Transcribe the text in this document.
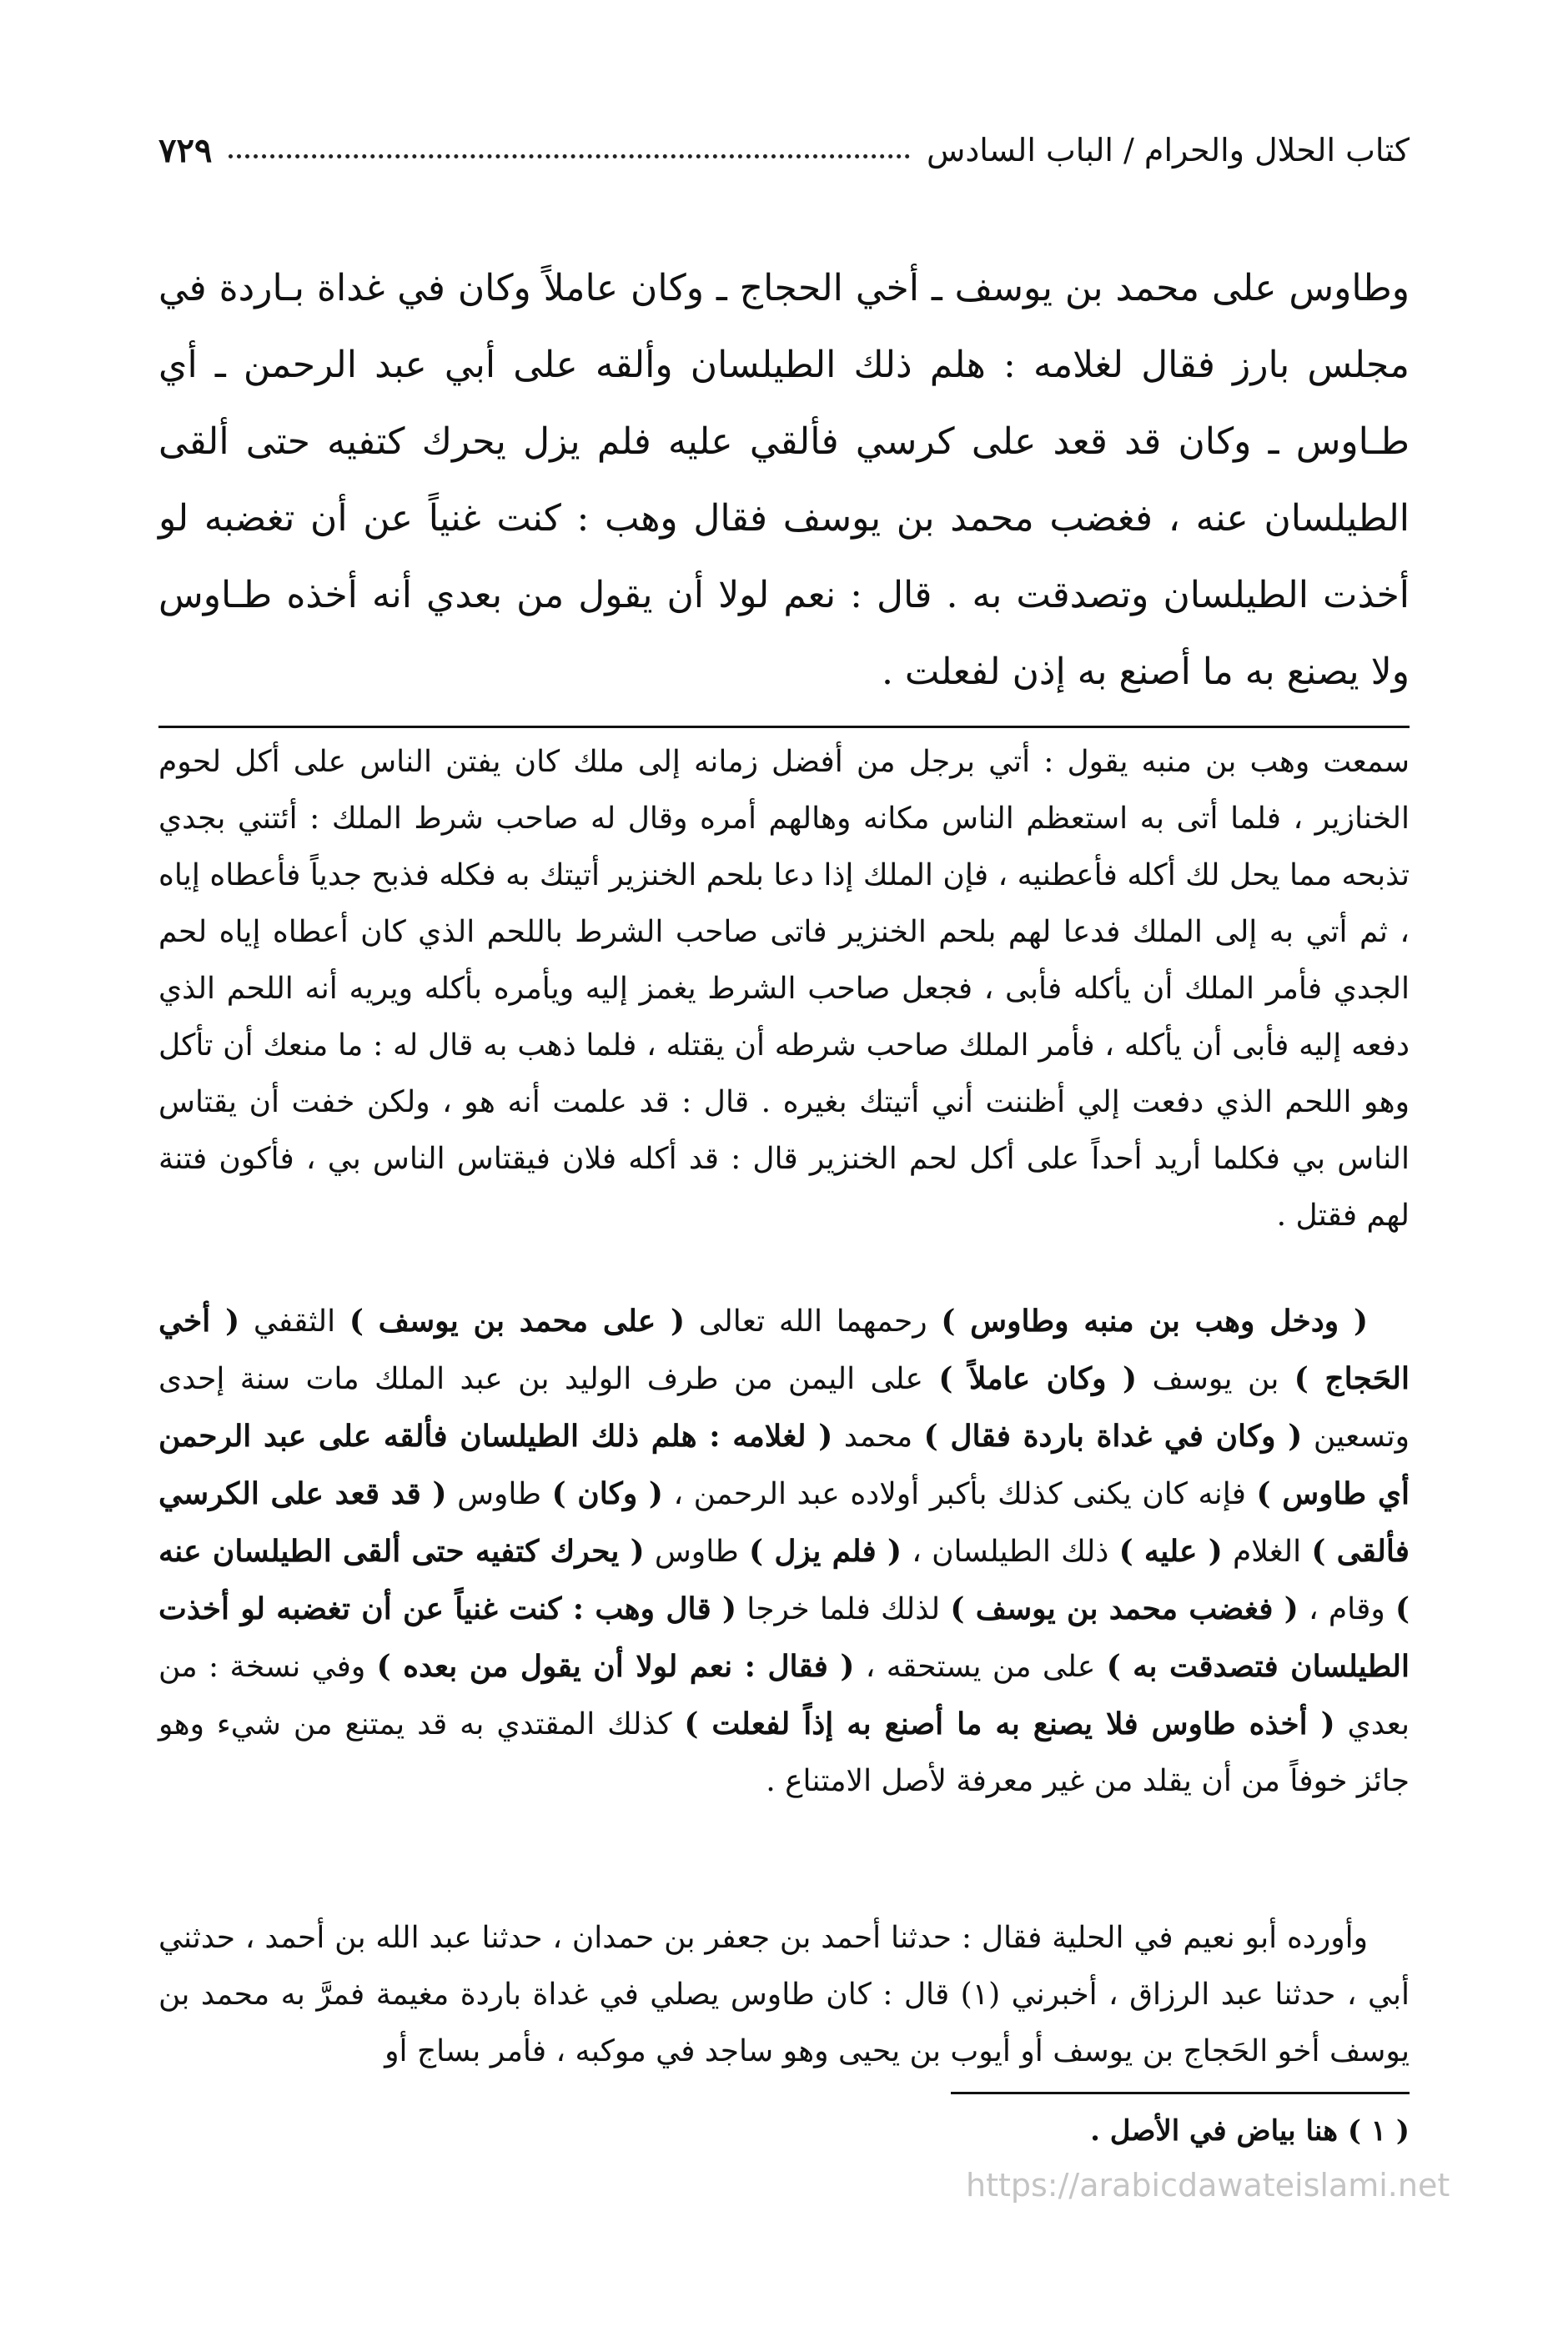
كتاب الحلال والحرام / الباب السادس
٧٢٩

وطاوس على محمد بن يوسف ـ أخي الحجاج ـ وكان عاملاً وكان في غداة بـاردة في مجلس بارز فقال لغلامه : هلم ذلك الطيلسان وألقه على أبي عبد الرحمن ـ أي طـاوس ـ وكان قد قعد على كرسي فألقي عليه فلم يزل يحرك كتفيه حتى ألقى الطيلسان عنه ، فغضب محمد بن يوسف فقال وهب : كنت غنياً عن أن تغضبه لو أخذت الطيلسان وتصدقت به . قال : نعم لولا أن يقول من بعدي أنه أخذه طـاوس ولا يصنع به ما أصنع به إذن لفعلت .

سمعت وهب بن منبه يقول : أتي برجل من أفضل زمانه إلى ملك كان يفتن الناس على أكل لحوم الخنازير ، فلما أتى به استعظم الناس مكانه وهالهم أمره وقال له صاحب شرط الملك : أئتني بجدي تذبحه مما يحل لك أكله فأعطنيه ، فإن الملك إذا دعا بلحم الخنزير أتيتك به فكله فذبح جدياً فأعطاه إياه ، ثم أتي به إلى الملك فدعا لهم بلحم الخنزير فاتى صاحب الشرط باللحم الذي كان أعطاه إياه لحم الجدي فأمر الملك أن يأكله فأبى ، فجعل صاحب الشرط يغمز إليه ويأمره بأكله ويريه أنه اللحم الذي دفعه إليه فأبى أن يأكله ، فأمر الملك صاحب شرطه أن يقتله ، فلما ذهب به قال له : ما منعك أن تأكل وهو اللحم الذي دفعت إلي أظننت أني أتيتك بغيره . قال : قد علمت أنه هو ، ولكن خفت أن يقتاس الناس بي فكلما أريد أحداً على أكل لحم الخنزير قال : قد أكله فلان فيقتاس الناس بي ، فأكون فتنة لهم فقتل .

( ودخل وهب بن منبه وطاوس ) رحمهما الله تعالى ( على محمد بن يوسف ) الثقفي ( أخي الحَجاج ) بن يوسف ( وكان عاملاً ) على اليمن من طرف الوليد بن عبد الملك مات سنة إحدى وتسعين ( وكان في غداة باردة فقال ) محمد ( لغلامه : هلم ذلك الطيلسان فألقه على عبد الرحمن أي طاوس ) فإنه كان يكنى كذلك بأكبر أولاده عبد الرحمن ، ( وكان ) طاوس ( قد قعد على الكرسي فألقى ) الغلام ( عليه ) ذلك الطيلسان ، ( فلم يزل ) طاوس ( يحرك كتفيه حتى ألقى الطيلسان عنه ) وقام ، ( فغضب محمد بن يوسف ) لذلك فلما خرجا ( قال وهب : كنت غنياً عن أن تغضبه لو أخذت الطيلسان فتصدقت به ) على من يستحقه ، ( فقال : نعم لولا أن يقول من بعده ) وفي نسخة : من بعدي ( أخذه طاوس فلا يصنع به ما أصنع به إذاً لفعلت ) كذلك المقتدي به قد يمتنع من شيء وهو جائز خوفاً من أن يقلد من غير معرفة لأصل الامتناع .

وأورده أبو نعيم في الحلية فقال : حدثنا أحمد بن جعفر بن حمدان ، حدثنا عبد الله بن أحمد ، حدثني أبي ، حدثنا عبد الرزاق ، أخبرني (١) قال : كان طاوس يصلي في غداة باردة مغيمة فمرَّ به محمد بن يوسف أخو الحَجاج بن يوسف أو أيوب بن يحيى وهو ساجد في موكبه ، فأمر بساج أو

( ١ ) هنا بياض في الأصل .
https://arabicdawateislami.net
